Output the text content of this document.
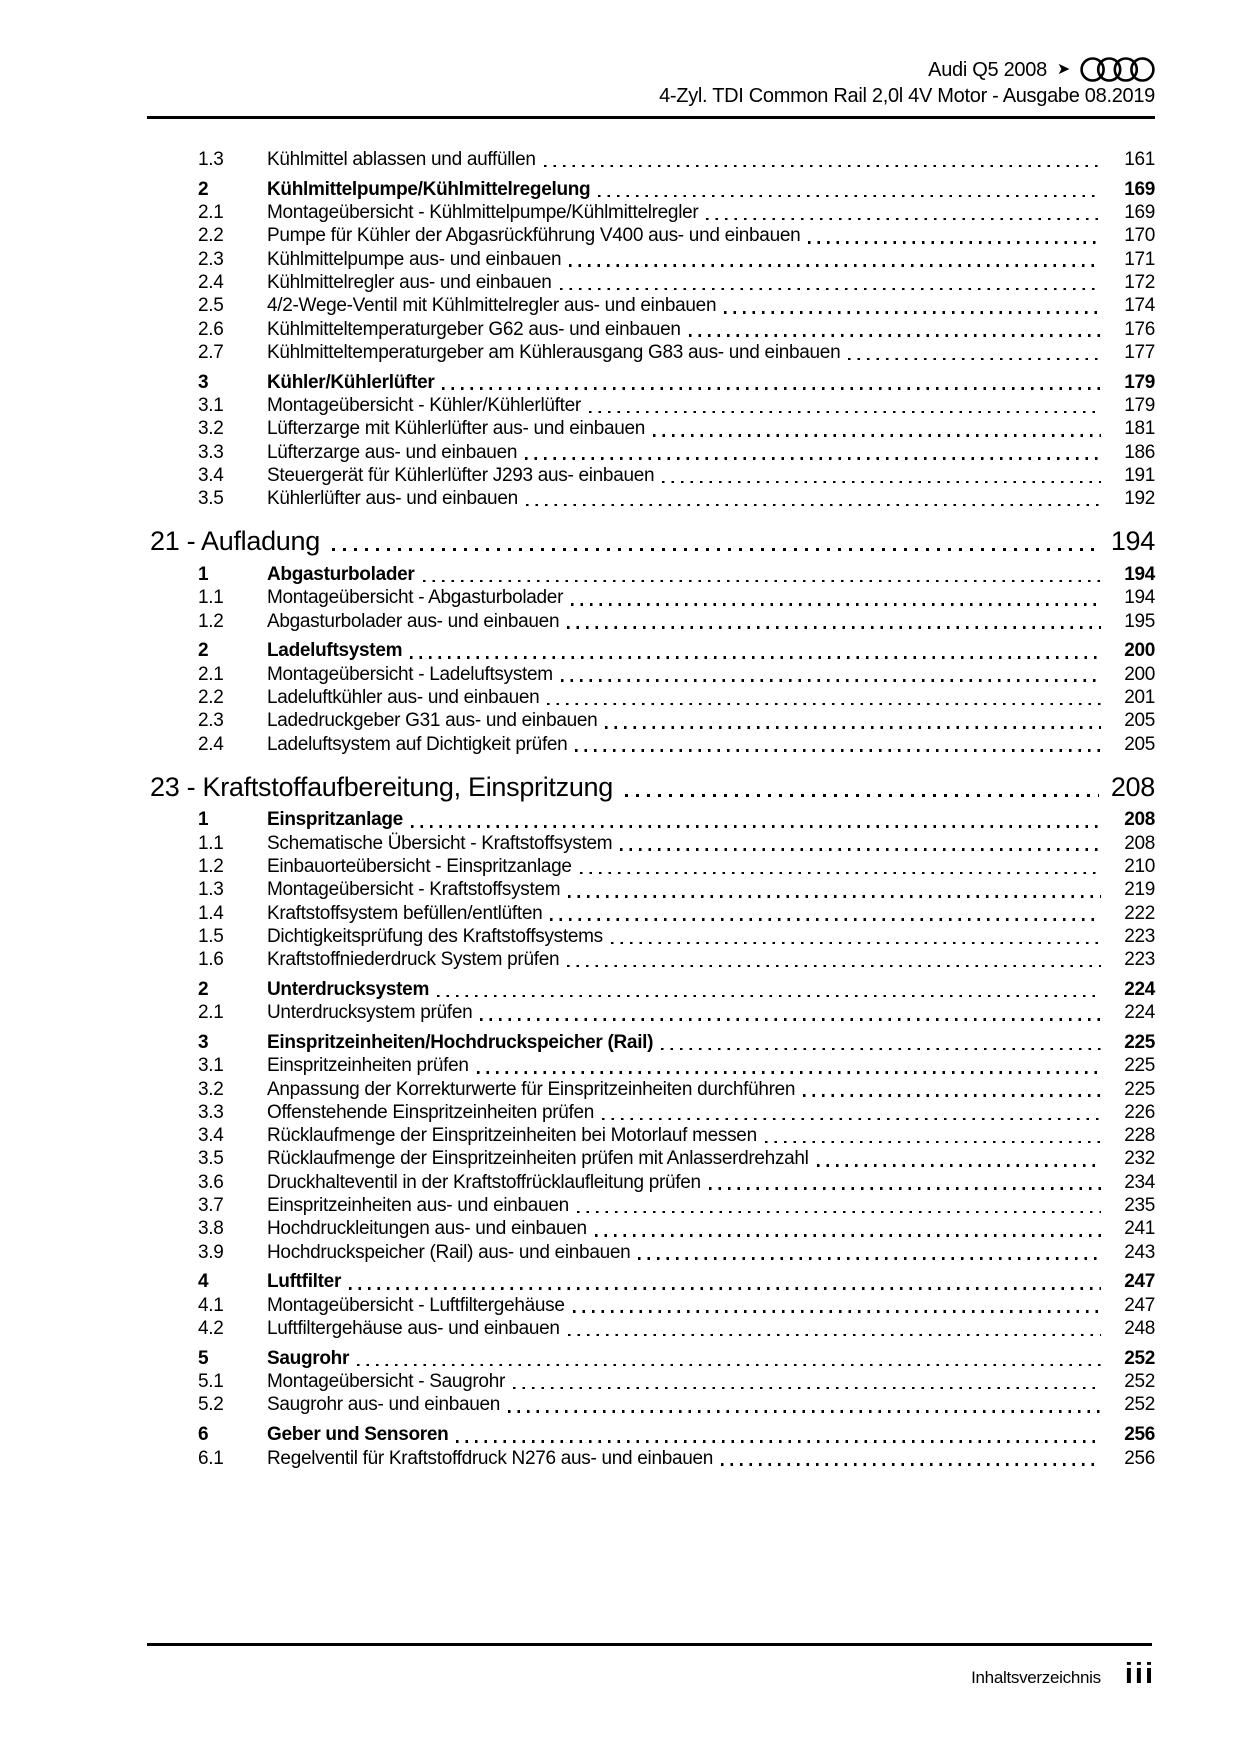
Audi Q5 2008 ➤
4-Zyl. TDI Common Rail 2,0l 4V Motor - Ausgabe 08.2019
1.3	Kühlmittel ablassen und auffüllen	161
2	Kühlmittelpumpe/Kühlmittelregelung	169
2.1	Montageübersicht - Kühlmittelpumpe/Kühlmittelregler	169
2.2	Pumpe für Kühler der Abgasrückführung V400 aus- und einbauen	170
2.3	Kühlmittelpumpe aus- und einbauen	171
2.4	Kühlmittelregler aus- und einbauen	172
2.5	4/2-Wege-Ventil mit Kühlmittelregler aus- und einbauen	174
2.6	Kühlmitteltemperaturgeber G62 aus- und einbauen	176
2.7	Kühlmitteltemperaturgeber am Kühlerausgang G83 aus- und einbauen	177
3	Kühler/Kühlerlüfter	179
3.1	Montageübersicht - Kühler/Kühlerlüfter	179
3.2	Lüfterzarge mit Kühlerlüfter aus- und einbauen	181
3.3	Lüfterzarge aus- und einbauen	186
3.4	Steuergerät für Kühlerlüfter J293 aus- einbauen	191
3.5	Kühlerlüfter aus- und einbauen	192
21 - Aufladung	194
1	Abgasturbolader	194
1.1	Montageübersicht - Abgasturbolader	194
1.2	Abgasturbolader aus- und einbauen	195
2	Ladeluftsystem	200
2.1	Montageübersicht - Ladeluftsystem	200
2.2	Ladeluftkühler aus- und einbauen	201
2.3	Ladedruckgeber G31 aus- und einbauen	205
2.4	Ladeluftsystem auf Dichtigkeit prüfen	205
23 - Kraftstoffaufbereitung, Einspritzung	208
1	Einspritzanlage	208
1.1	Schematische Übersicht - Kraftstoffsystem	208
1.2	Einbauorteübersicht - Einspritzanlage	210
1.3	Montageübersicht - Kraftstoffsystem	219
1.4	Kraftstoffsystem befüllen/entlüften	222
1.5	Dichtigkeitsprüfung des Kraftstoffsystems	223
1.6	Kraftstoffniederdruck System prüfen	223
2	Unterdrucksystem	224
2.1	Unterdrucksystem prüfen	224
3	Einspritzeinheiten/Hochdruckspeicher (Rail)	225
3.1	Einspritzeinheiten prüfen	225
3.2	Anpassung der Korrekturwerte für Einspritzeinheiten durchführen	225
3.3	Offenstehende Einspritzeinheiten prüfen	226
3.4	Rücklaufmenge der Einspritzeinheiten bei Motorlauf messen	228
3.5	Rücklaufmenge der Einspritzeinheiten prüfen mit Anlasserdrehzahl	232
3.6	Druckhalteventil in der Kraftstoffrücklaufleitung prüfen	234
3.7	Einspritzeinheiten aus- und einbauen	235
3.8	Hochdruckleitungen aus- und einbauen	241
3.9	Hochdruckspeicher (Rail) aus- und einbauen	243
4	Luftfilter	247
4.1	Montageübersicht - Luftfiltergehäuse	247
4.2	Luftfiltergehäuse aus- und einbauen	248
5	Saugrohr	252
5.1	Montageübersicht - Saugrohr	252
5.2	Saugrohr aus- und einbauen	252
6	Geber und Sensoren	256
6.1	Regelventil für Kraftstoffdruck N276 aus- und einbauen	256
Inhaltsverzeichnis iii
